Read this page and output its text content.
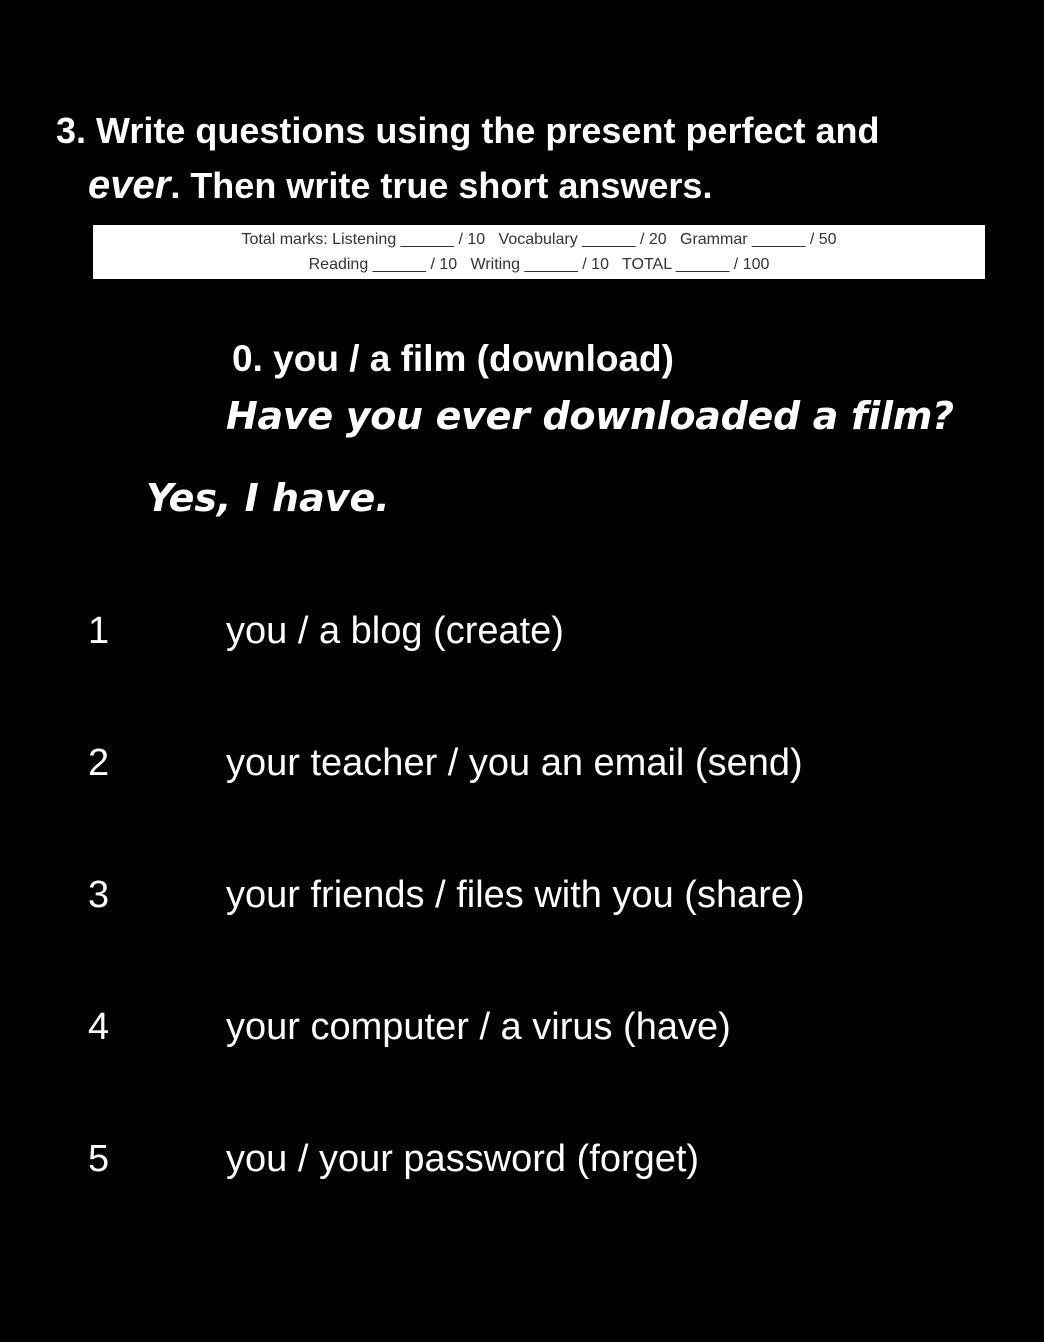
3. Write questions using the present perfect and
ever. Then write true short answers.
Total marks: Listening ______ / 10   Vocabulary ______ / 20   Grammar ______ / 50
Reading ______ / 10   Writing ______ / 10   TOTAL ______ / 100
0. you / a film (download)
Have you ever downloaded a film?
Yes, I have.
1	you / a blog (create)
2	your teacher / you an email (send)
3	your friends / files with you (share)
4	your computer / a virus (have)
5	you / your password (forget)
